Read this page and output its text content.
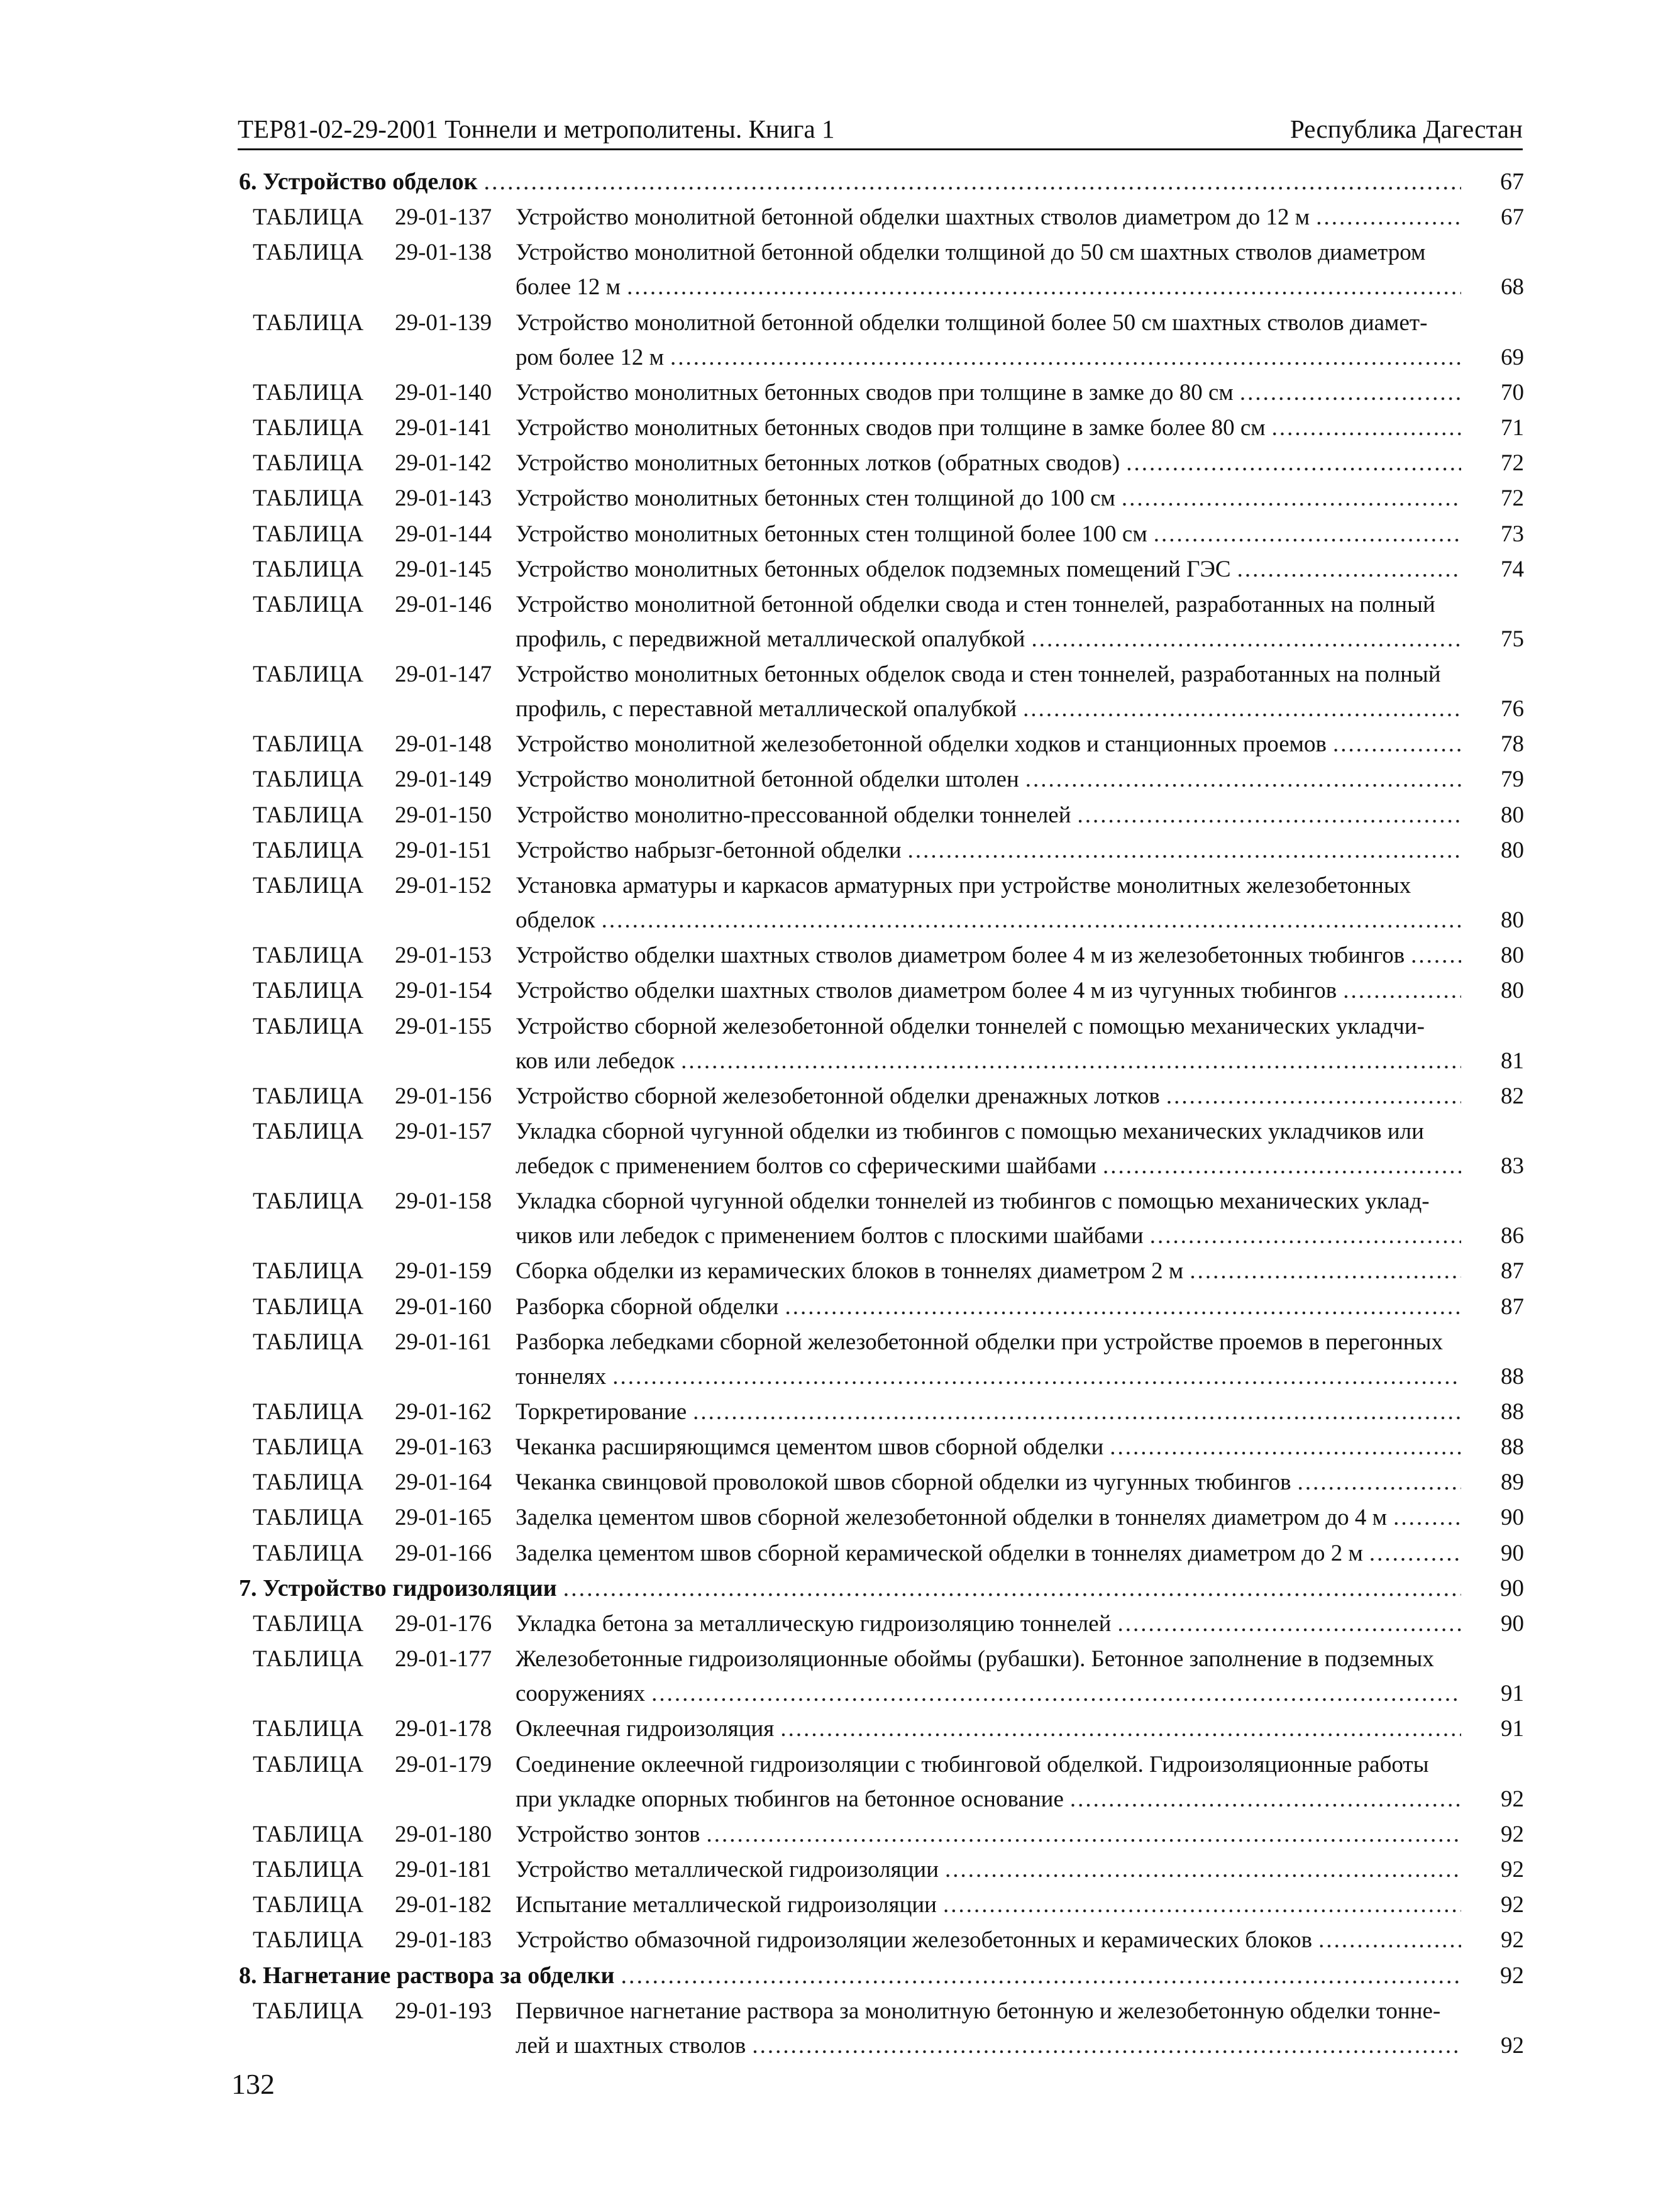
ТЕР81-02-29-2001 Тоннели и метрополитены. Книга 1	Республика Дагестан
6. Устройство обделок .....	67
ТАБЛИЦА 29-01-137 Устройство монолитной бетонной обделки шахтных стволов диаметром до 12 м .....	67
ТАБЛИЦА 29-01-138 Устройство монолитной бетонной обделки толщиной до 50 см шахтных стволов диаметром
более 12 м .....	68
ТАБЛИЦА 29-01-139 Устройство монолитной бетонной обделки толщиной более 50 см шахтных стволов диамет-
ром более 12 м .....	69
ТАБЛИЦА 29-01-140 Устройство монолитных бетонных сводов при толщине в замке до 80 см .....	70
ТАБЛИЦА 29-01-141 Устройство монолитных бетонных сводов при толщине в замке более 80 см .....	71
ТАБЛИЦА 29-01-142 Устройство монолитных бетонных лотков (обратных сводов) .....	72
ТАБЛИЦА 29-01-143 Устройство монолитных бетонных стен толщиной до 100 см .....	72
ТАБЛИЦА 29-01-144 Устройство монолитных бетонных стен толщиной более 100 см .....	73
ТАБЛИЦА 29-01-145 Устройство монолитных бетонных обделок подземных помещений ГЭС .....	74
ТАБЛИЦА 29-01-146 Устройство монолитной бетонной обделки свода и стен тоннелей, разработанных на полный
профиль, с передвижной металлической опалубкой .....	75
ТАБЛИЦА 29-01-147 Устройство монолитных бетонных обделок свода и стен тоннелей, разработанных на полный
профиль, с переставной металлической опалубкой .....	76
ТАБЛИЦА 29-01-148 Устройство монолитной железобетонной обделки ходков и станционных проемов .....	78
ТАБЛИЦА 29-01-149 Устройство монолитной бетонной обделки штолен .....	79
ТАБЛИЦА 29-01-150 Устройство монолитно-прессованной обделки тоннелей .....	80
ТАБЛИЦА 29-01-151 Устройство набрызг-бетонной обделки .....	80
ТАБЛИЦА 29-01-152 Установка арматуры и каркасов арматурных при устройстве монолитных железобетонных
обделок .....	80
ТАБЛИЦА 29-01-153 Устройство обделки шахтных стволов диаметром более 4 м из железобетонных тюбингов .....	80
ТАБЛИЦА 29-01-154 Устройство обделки шахтных стволов диаметром более 4 м из чугунных тюбингов .....	80
ТАБЛИЦА 29-01-155 Устройство сборной железобетонной обделки тоннелей с помощью механических укладчи-
ков или лебедок .....	81
ТАБЛИЦА 29-01-156 Устройство сборной железобетонной обделки дренажных лотков .....	82
ТАБЛИЦА 29-01-157 Укладка сборной чугунной обделки из тюбингов с помощью механических укладчиков или
лебедок с применением болтов со сферическими шайбами .....	83
ТАБЛИЦА 29-01-158 Укладка сборной чугунной обделки тоннелей из тюбингов с помощью механических уклад-
чиков или лебедок с применением болтов с плоскими шайбами .....	86
ТАБЛИЦА 29-01-159 Сборка обделки из керамических блоков в тоннелях диаметром 2 м .....	87
ТАБЛИЦА 29-01-160 Разборка сборной обделки .....	87
ТАБЛИЦА 29-01-161 Разборка лебедками сборной железобетонной обделки при устройстве проемов в перегонных
тоннелях .....	88
ТАБЛИЦА 29-01-162 Торкретирование .....	88
ТАБЛИЦА 29-01-163 Чеканка расширяющимся цементом швов сборной обделки .....	88
ТАБЛИЦА 29-01-164 Чеканка свинцовой проволокой швов сборной обделки из чугунных тюбингов .....	89
ТАБЛИЦА 29-01-165 Заделка цементом швов сборной железобетонной обделки в тоннелях диаметром до 4 м .....	90
ТАБЛИЦА 29-01-166 Заделка цементом швов сборной керамической обделки в тоннелях диаметром до 2 м .....	90
7. Устройство гидроизоляции .....	90
ТАБЛИЦА 29-01-176 Укладка бетона за металлическую гидроизоляцию тоннелей .....	90
ТАБЛИЦА 29-01-177 Железобетонные гидроизоляционные обоймы (рубашки). Бетонное заполнение в подземных
сооружениях .....	91
ТАБЛИЦА 29-01-178 Оклеечная гидроизоляция .....	91
ТАБЛИЦА 29-01-179 Соединение оклеечной гидроизоляции с тюбинговой обделкой. Гидроизоляционные работы
при укладке опорных тюбингов на бетонное основание .....	92
ТАБЛИЦА 29-01-180 Устройство зонтов .....	92
ТАБЛИЦА 29-01-181 Устройство металлической гидроизоляции .....	92
ТАБЛИЦА 29-01-182 Испытание металлической гидроизоляции .....	92
ТАБЛИЦА 29-01-183 Устройство обмазочной гидроизоляции железобетонных и керамических блоков .....	92
8. Нагнетание раствора за обделки .....	92
ТАБЛИЦА 29-01-193 Первичное нагнетание раствора за монолитную бетонную и железобетонную обделки тонне-
лей и шахтных стволов .....	92
132
